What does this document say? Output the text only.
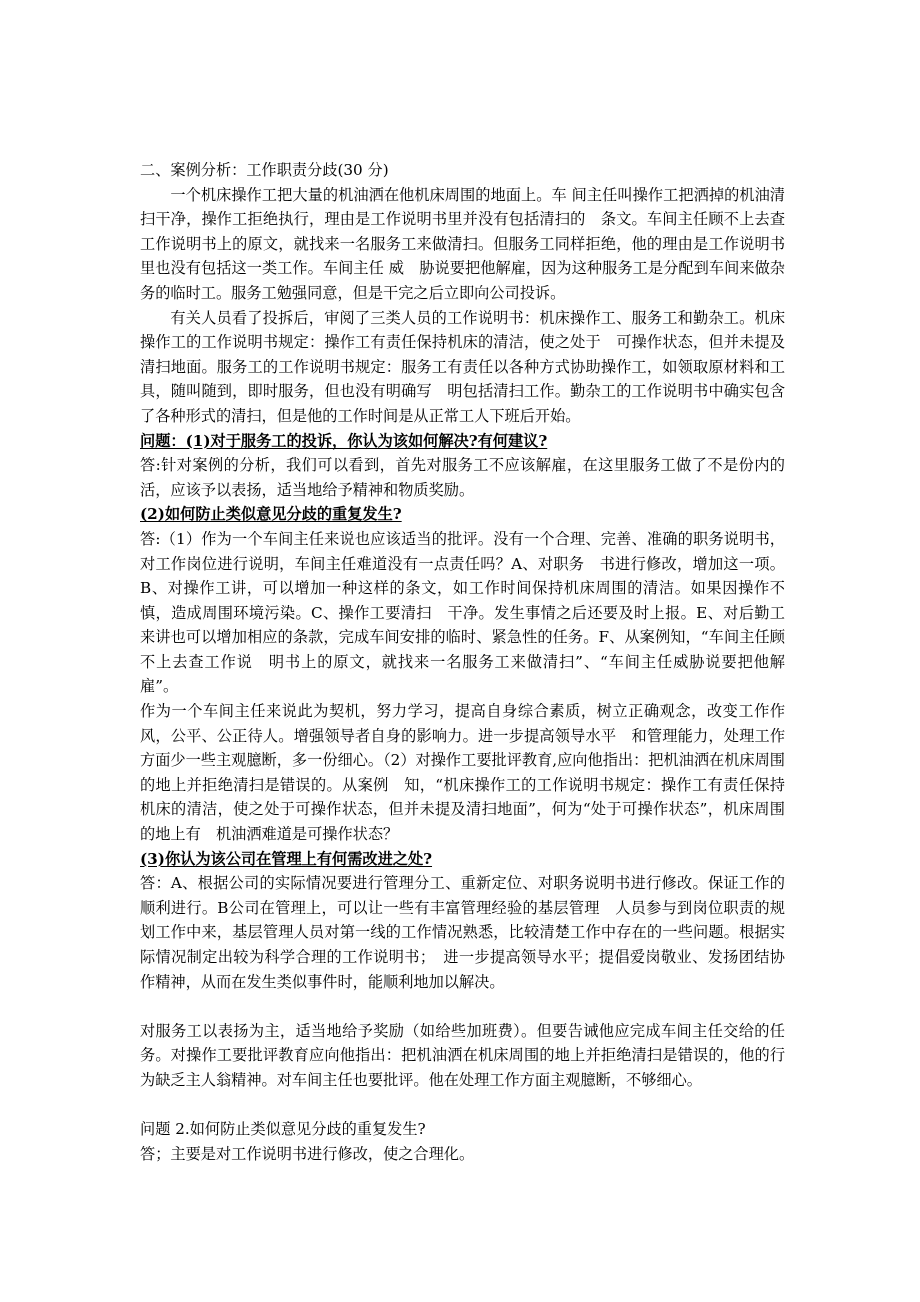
二、案例分析：工作职责分歧(30 分)

一个机床操作工把大量的机油洒在他机床周围的地面上。车 间主任叫操作工把洒掉的机油清扫干净，操作工拒绝执行，理由是工作说明书里并没有包括清扫的　条文。车间主任顾不上去查工作说明书上的原文，就找来一名服务工来做清扫。但服务工同样拒绝，他的理由是工作说明书里也没有包括这一类工作。车间主任 威　胁说要把他解雇，因为这种服务工是分配到车间来做杂务的临时工。服务工勉强同意，但是干完之后立即向公司投诉。

有关人员看了投拆后，审阅了三类人员的工作说明书：机床操作工、服务工和勤杂工。机床操作工的工作说明书规定：操作工有责任保持机床的清洁，使之处于　可操作状态，但并未提及清扫地面。服务工的工作说明书规定：服务工有责任以各种方式协助操作工，如领取原材料和工具，随叫随到，即时服务，但也没有明确写　明包括清扫工作。勤杂工的工作说明书中确实包含了各种形式的清扫，但是他的工作时间是从正常工人下班后开始。

问题：(1)对于服务工的投诉，你认为该如何解决?有何建议?

答:针对案例的分析，我们可以看到，首先对服务工不应该解雇，在这里服务工做了不是份内的活，应该予以表扬，适当地给予精神和物质奖励。

(2)如何防止类似意见分歧的重复发生?

答:（1）作为一个车间主任来说也应该适当的批评。没有一个合理、完善、准确的职务说明书，对工作岗位进行说明，车间主任难道没有一点责任吗？A、对职务　书进行修改，增加这一项。B、对操作工讲，可以增加一种这样的条文，如工作时间保持机床周围的清洁。如果因操作不慎，造成周围环境污染。C、操作工要清扫　干净。发生事情之后还要及时上报。E、对后勤工来讲也可以增加相应的条款，完成车间安排的临时、紧急性的任务。F、从案例知，“车间主任顾不上去查工作说　明书上的原文，就找来一名服务工来做清扫”、“车间主任威胁说要把他解雇”。

作为一个车间主任来说此为契机，努力学习，提高自身综合素质，树立正确观念，改变工作作风，公平、公正待人。增强领导者自身的影响力。进一步提高领导水平　和管理能力，处理工作方面少一些主观臆断，多一份细心。（2）对操作工要批评教育,应向他指出：把机油洒在机床周围的地上并拒绝清扫是错误的。从案例　知，“机床操作工的工作说明书规定：操作工有责任保持机床的清洁，使之处于可操作状态，但并未提及清扫地面”，何为“处于可操作状态”，机床周围的地上有　机油洒难道是可操作状态？

(3)你认为该公司在管理上有何需改进之处?

答：A、根据公司的实际情况要进行管理分工、重新定位、对职务说明书进行修改。保证工作的顺利进行。B公司在管理上，可以让一些有丰富管理经验的基层管理　人员参与到岗位职责的规划工作中来，基层管理人员对第一线的工作情况熟悉，比较清楚工作中存在的一些问题。根据实际情况制定出较为科学合理的工作说明书；　进一步提高领导水平；提倡爱岗敬业、发扬团结协作精神，从而在发生类似事件时，能顺利地加以解决。

对服务工以表扬为主，适当地给予奖励（如给些加班费）。但要告诫他应完成车间主任交给的任务。对操作工要批评教育应向他指出：把机油洒在机床周围的地上并拒绝清扫是错误的，他的行为缺乏主人翁精神。对车间主任也要批评。他在处理工作方面主观臆断，不够细心。

问题 2.如何防止类似意见分歧的重复发生?

答；主要是对工作说明书进行修改，使之合理化。
